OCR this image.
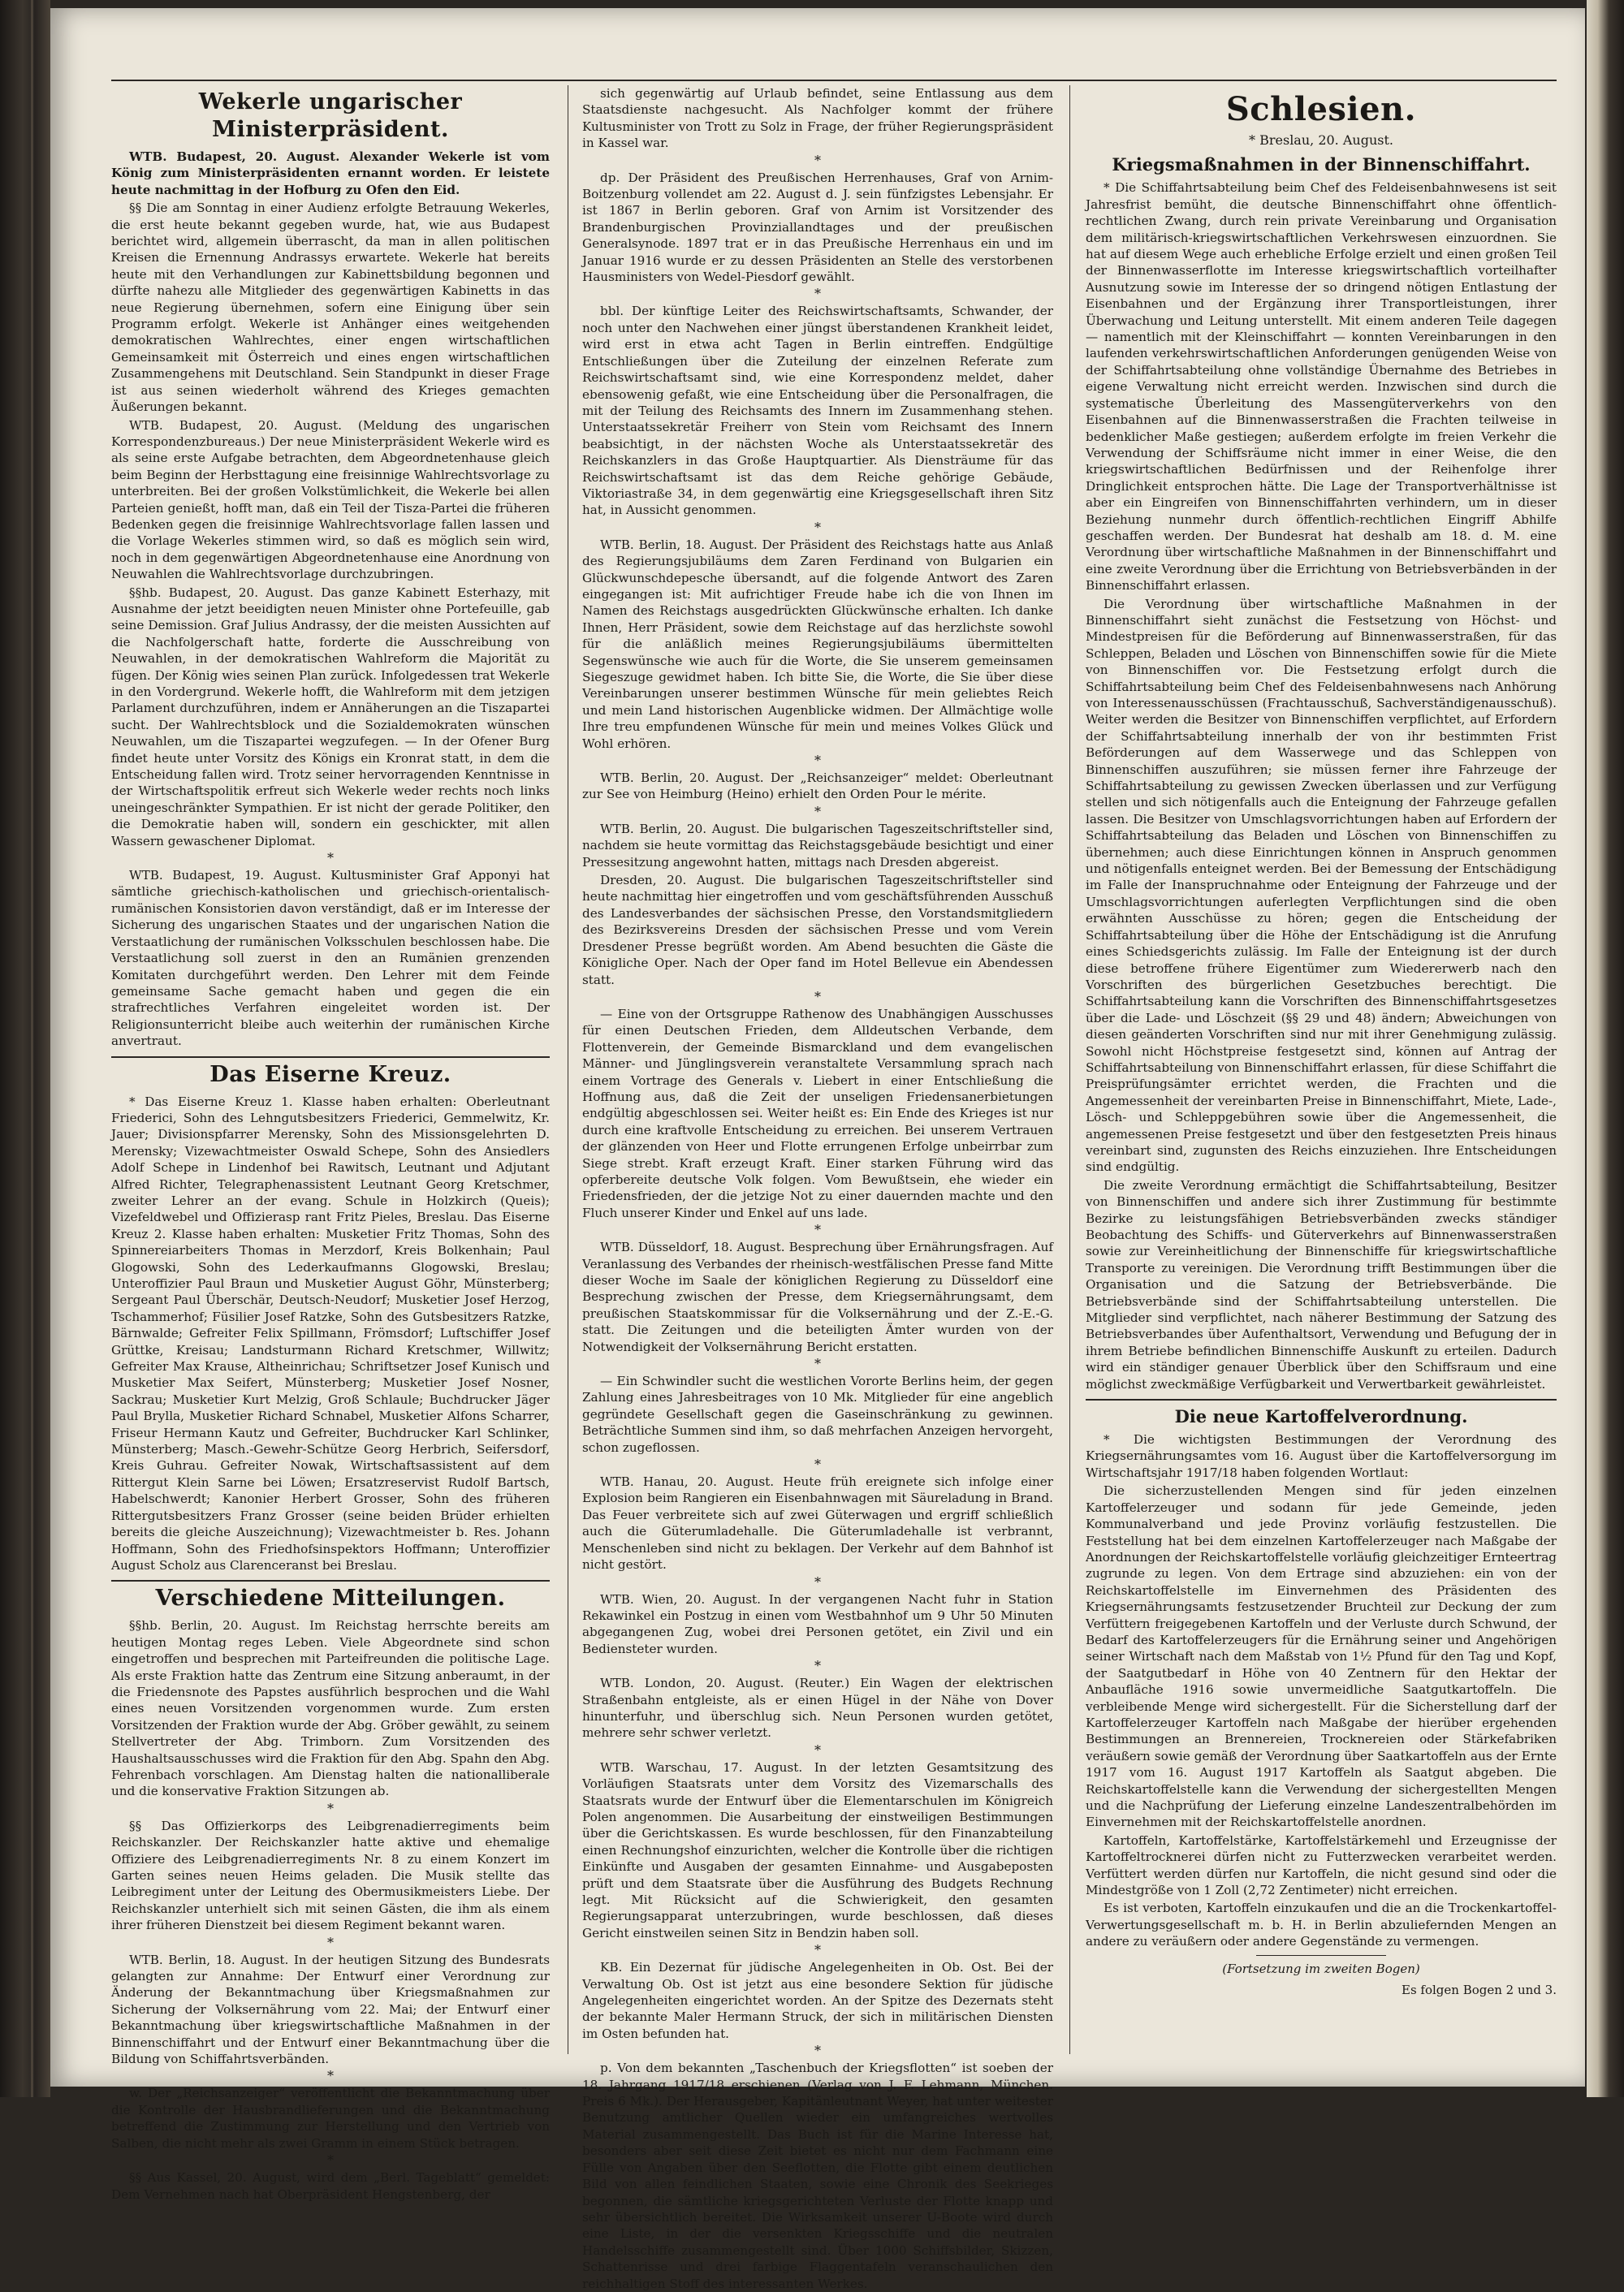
Wekerle ungarischer Ministerpräsident.

WTB. Budapest, 20. August. Alexander Wekerle ist vom König zum Ministerpräsidenten ernannt worden. Er leistete heute nachmittag in der Hofburg zu Ofen den Eid.

§§ Die am Sonntag in einer Audienz erfolgte Betrauung Wekerles, die erst heute bekannt gegeben wurde, hat, wie aus Budapest berichtet wird, allgemein überrascht, da man in allen politischen Kreisen die Ernennung Andrassys erwartete. Wekerle hat bereits heute mit den Verhandlungen zur Kabinettsbildung begonnen und dürfte nahezu alle Mitglieder des gegenwärtigen Kabinetts in das neue Regierung übernehmen, sofern eine Einigung über sein Programm erfolgt. Wekerle ist Anhänger eines weitgehenden demokratischen Wahlrechtes, einer engen wirtschaftlichen Gemeinsamkeit mit Österreich und eines engen wirtschaftlichen Zusammengehens mit Deutschland. Sein Standpunkt in dieser Frage ist aus seinen wiederholt während des Krieges gemachten Äußerungen bekannt.

WTB. Budapest, 20. August. (Meldung des ungarischen Korrespondenzbureaus.) Der neue Ministerpräsident Wekerle wird es als seine erste Aufgabe betrachten, dem Abgeordnetenhause gleich beim Beginn der Herbsttagung eine freisinnige Wahlrechtsvorlage zu unterbreiten. Bei der großen Volkstümlichkeit, die Wekerle bei allen Parteien genießt, hofft man, daß ein Teil der Tisza-Partei die früheren Bedenken gegen die freisinnige Wahlrechtsvorlage fallen lassen und die Vorlage Wekerles stimmen wird, so daß es möglich sein wird, noch in dem gegenwärtigen Abgeordnetenhause eine Anordnung von Neuwahlen die Wahlrechtsvorlage durchzubringen.

§§hb. Budapest, 20. August. Das ganze Kabinett Esterhazy, mit Ausnahme der jetzt beeidigten neuen Minister ohne Portefeuille, gab seine Demission. Graf Julius Andrassy, der die meisten Aussichten auf die Nachfolgerschaft hatte, forderte die Ausschreibung von Neuwahlen, in der demokratischen Wahlreform die Majorität zu fügen. Der König wies seinen Plan zurück. Infolgedessen trat Wekerle in den Vordergrund. Wekerle hofft, die Wahlreform mit dem jetzigen Parlament durchzuführen, indem er Annäherungen an die Tiszapartei sucht. Der Wahlrechtsblock und die Sozialdemokraten wünschen Neuwahlen, um die Tiszapartei wegzufegen. — In der Ofener Burg findet heute unter Vorsitz des Königs ein Kronrat statt, in dem die Entscheidung fallen wird. Trotz seiner hervorragenden Kenntnisse in der Wirtschaftspolitik erfreut sich Wekerle weder rechts noch links uneingeschränkter Sympathien. Er ist nicht der gerade Politiker, den die Demokratie haben will, sondern ein geschickter, mit allen Wassern gewaschener Diplomat.

*

WTB. Budapest, 19. August. Kultusminister Graf Apponyi hat sämtliche griechisch-katholischen und griechisch-orientalisch-rumänischen Konsistorien davon verständigt, daß er im Interesse der Sicherung des ungarischen Staates und der ungarischen Nation die Verstaatlichung der rumänischen Volksschulen beschlossen habe. Die Verstaatlichung soll zuerst in den an Rumänien grenzenden Komitaten durchgeführt werden. Den Lehrer mit dem Feinde gemeinsame Sache gemacht haben und gegen die ein strafrechtliches Verfahren eingeleitet worden ist. Der Religionsunterricht bleibe auch weiterhin der rumänischen Kirche anvertraut.

Das Eiserne Kreuz.

* Das Eiserne Kreuz 1. Klasse haben erhalten: Oberleutnant Friederici, Sohn des Lehngutsbesitzers Friederici, Gemmelwitz, Kr. Jauer; Divisionspfarrer Merensky, Sohn des Missionsgelehrten D. Merensky; Vizewachtmeister Oswald Schepe, Sohn des Ansiedlers Adolf Schepe in Lindenhof bei Rawitsch, Leutnant und Adjutant Alfred Richter, Telegraphenassistent Leutnant Georg Kretschmer, zweiter Lehrer an der evang. Schule in Holzkirch (Queis); Vizefeldwebel und Offizierasp rant Fritz Pieles, Breslau. Das Eiserne Kreuz 2. Klasse haben erhalten: Musketier Fritz Thomas, Sohn des Spinnereiarbeiters Thomas in Merzdorf, Kreis Bolkenhain; Paul Glogowski, Sohn des Lederkaufmanns Glogowski, Breslau; Unteroffizier Paul Braun und Musketier August Göhr, Münsterberg; Sergeant Paul Überschär, Deutsch-Neudorf; Musketier Josef Herzog, Tschammerhof; Füsilier Josef Ratzke, Sohn des Gutsbesitzers Ratzke, Bärnwalde; Gefreiter Felix Spillmann, Frömsdorf; Luftschiffer Josef Grüttke, Kreisau; Landsturmann Richard Kretschmer, Willwitz; Gefreiter Max Krause, Altheinrichau; Schriftsetzer Josef Kunisch und Musketier Max Seifert, Münsterberg; Musketier Josef Nosner, Sackrau; Musketier Kurt Melzig, Groß Schlaule; Buchdrucker Jäger Paul Brylla, Musketier Richard Schnabel, Musketier Alfons Scharrer, Friseur Hermann Kautz und Gefreiter, Buchdrucker Karl Schlinker, Münsterberg; Masch.-Gewehr-Schütze Georg Herbrich, Seifersdorf, Kreis Guhrau. Gefreiter Nowak, Wirtschaftsassistent auf dem Rittergut Klein Sarne bei Löwen; Ersatzreservist Rudolf Bartsch, Habelschwerdt; Kanonier Herbert Grosser, Sohn des früheren Rittergutsbesitzers Franz Grosser (seine beiden Brüder erhielten bereits die gleiche Auszeichnung); Vizewachtmeister b. Res. Johann Hoffmann, Sohn des Friedhofsinspektors Hoffmann; Unteroffizier August Scholz aus Clarenceranst bei Breslau.

Verschiedene Mitteilungen.

§§hb. Berlin, 20. August. Im Reichstag herrschte bereits am heutigen Montag reges Leben. Viele Abgeordnete sind schon eingetroffen und besprechen mit Parteifreunden die politische Lage. Als erste Fraktion hatte das Zentrum eine Sitzung anberaumt, in der die Friedensnote des Papstes ausführlich besprochen und die Wahl eines neuen Vorsitzenden vorgenommen wurde. Zum ersten Vorsitzenden der Fraktion wurde der Abg. Gröber gewählt, zu seinem Stellvertreter der Abg. Trimborn. Zum Vorsitzenden des Haushaltsausschusses wird die Fraktion für den Abg. Spahn den Abg. Fehrenbach vorschlagen. Am Dienstag halten die nationalliberale und die konservative Fraktion Sitzungen ab.

*

§§ Das Offizierkorps des Leibgrenadierregiments beim Reichskanzler. Der Reichskanzler hatte aktive und ehemalige Offiziere des Leibgrenadierregiments Nr. 8 zu einem Konzert im Garten seines neuen Heims geladen. Die Musik stellte das Leibregiment unter der Leitung des Obermusikmeisters Liebe. Der Reichskanzler unterhielt sich mit seinen Gästen, die ihm als einem ihrer früheren Dienstzeit bei diesem Regiment bekannt waren.

*

WTB. Berlin, 18. August. In der heutigen Sitzung des Bundesrats gelangten zur Annahme: Der Entwurf einer Verordnung zur Änderung der Bekanntmachung über Kriegsmaßnahmen zur Sicherung der Volksernährung vom 22. Mai; der Entwurf einer Bekanntmachung über kriegswirtschaftliche Maßnahmen in der Binnenschiffahrt und der Entwurf einer Bekanntmachung über die Bildung von Schiffahrtsverbänden.

*

w. Der „Reichsanzeiger“ veröffentlicht die Bekanntmachung über die Kontrolle der Hausbrandlieferungen und die Bekanntmachung betreffend die Zustimmung zur Herstellung und den Vertrieb von Salben, die nicht mehr als zwei Gramm in einem Stück betragen.

*

§§ Aus Kassel, 20. August, wird dem „Berl. Tageblatt“ gemeldet: Dem Vernehmen nach hat Oberpräsident Hengstenberg, der

sich gegenwärtig auf Urlaub befindet, seine Entlassung aus dem Staatsdienste nachgesucht. Als Nachfolger kommt der frühere Kultusminister von Trott zu Solz in Frage, der früher Regierungspräsident in Kassel war.

*

dp. Der Präsident des Preußischen Herrenhauses, Graf von Arnim-Boitzenburg vollendet am 22. August d. J. sein fünfzigstes Lebensjahr. Er ist 1867 in Berlin geboren. Graf von Arnim ist Vorsitzender des Brandenburgischen Provinziallandtages und der preußischen Generalsynode. 1897 trat er in das Preußische Herrenhaus ein und im Januar 1916 wurde er zu dessen Präsidenten an Stelle des verstorbenen Hausministers von Wedel-Piesdorf gewählt.

*

bbl. Der künftige Leiter des Reichswirtschaftsamts, Schwander, der noch unter den Nachwehen einer jüngst überstandenen Krankheit leidet, wird erst in etwa acht Tagen in Berlin eintreffen. Endgültige Entschließungen über die Zuteilung der einzelnen Referate zum Reichswirtschaftsamt sind, wie eine Korrespondenz meldet, daher ebensowenig gefaßt, wie eine Entscheidung über die Personalfragen, die mit der Teilung des Reichsamts des Innern im Zusammenhang stehen. Unterstaatssekretär Freiherr von Stein vom Reichsamt des Innern beabsichtigt, in der nächsten Woche als Unterstaatssekretär des Reichskanzlers in das Große Hauptquartier. Als Diensträume für das Reichswirtschaftsamt ist das dem Reiche gehörige Gebäude, Viktoriastraße 34, in dem gegenwärtig eine Kriegsgesellschaft ihren Sitz hat, in Aussicht genommen.

*

WTB. Berlin, 18. August. Der Präsident des Reichstags hatte aus Anlaß des Regierungsjubiläums dem Zaren Ferdinand von Bulgarien ein Glückwunschdepesche übersandt, auf die folgende Antwort des Zaren eingegangen ist: Mit aufrichtiger Freude habe ich die von Ihnen im Namen des Reichstags ausgedrückten Glückwünsche erhalten. Ich danke Ihnen, Herr Präsident, sowie dem Reichstage auf das herzlichste sowohl für die anläßlich meines Regierungsjubiläums übermittelten Segenswünsche wie auch für die Worte, die Sie unserem gemeinsamen Siegeszuge gewidmet haben. Ich bitte Sie, die Worte, die Sie über diese Vereinbarungen unserer bestimmen Wünsche für mein geliebtes Reich und mein Land historischen Augenblicke widmen. Der Allmächtige wolle Ihre treu empfundenen Wünsche für mein und meines Volkes Glück und Wohl erhören.

*

WTB. Berlin, 20. August. Der „Reichsanzeiger“ meldet: Oberleutnant zur See von Heimburg (Heino) erhielt den Orden Pour le mérite.

*

WTB. Berlin, 20. August. Die bulgarischen Tageszeitschriftsteller sind, nachdem sie heute vormittag das Reichstagsgebäude besichtigt und einer Pressesitzung angewohnt hatten, mittags nach Dresden abgereist.

Dresden, 20. August. Die bulgarischen Tageszeitschriftsteller sind heute nachmittag hier eingetroffen und vom geschäftsführenden Ausschuß des Landesverbandes der sächsischen Presse, den Vorstandsmitgliedern des Bezirksvereins Dresden der sächsischen Presse und vom Verein Dresdener Presse begrüßt worden. Am Abend besuchten die Gäste die Königliche Oper. Nach der Oper fand im Hotel Bellevue ein Abendessen statt.

*

— Eine von der Ortsgruppe Rathenow des Unabhängigen Ausschusses für einen Deutschen Frieden, dem Alldeutschen Verbande, dem Flottenverein, der Gemeinde Bismarckland und dem evangelischen Männer- und Jünglingsverein veranstaltete Versammlung sprach nach einem Vortrage des Generals v. Liebert in einer Entschließung die Hoffnung aus, daß die Zeit der unseligen Friedensanerbietungen endgültig abgeschlossen sei. Weiter heißt es: Ein Ende des Krieges ist nur durch eine kraftvolle Entscheidung zu erreichen. Bei unserem Vertrauen der glänzenden von Heer und Flotte errungenen Erfolge unbeirrbar zum Siege strebt. Kraft erzeugt Kraft. Einer starken Führung wird das opferbereite deutsche Volk folgen. Vom Bewußtsein, ehe wieder ein Friedensfrieden, der die jetzige Not zu einer dauernden machte und den Fluch unserer Kinder und Enkel auf uns lade.

*

WTB. Düsseldorf, 18. August. Besprechung über Ernährungsfragen. Auf Veranlassung des Verbandes der rheinisch-westfälischen Presse fand Mitte dieser Woche im Saale der königlichen Regierung zu Düsseldorf eine Besprechung zwischen der Presse, dem Kriegsernährungsamt, dem preußischen Staatskommissar für die Volksernährung und der Z.-E.-G. statt. Die Zeitungen und die beteiligten Ämter wurden von der Notwendigkeit der Volksernährung Bericht erstatten.

*

— Ein Schwindler sucht die westlichen Vororte Berlins heim, der gegen Zahlung eines Jahresbeitrages von 10 Mk. Mitglieder für eine angeblich gegründete Gesellschaft gegen die Gaseinschränkung zu gewinnen. Beträchtliche Summen sind ihm, so daß mehrfachen Anzeigen hervorgeht, schon zugeflossen.

*

WTB. Hanau, 20. August. Heute früh ereignete sich infolge einer Explosion beim Rangieren ein Eisenbahnwagen mit Säureladung in Brand. Das Feuer verbreitete sich auf zwei Güterwagen und ergriff schließlich auch die Güterumladehalle. Die Güterumladehalle ist verbrannt, Menschenleben sind nicht zu beklagen. Der Verkehr auf dem Bahnhof ist nicht gestört.

*

WTB. Wien, 20. August. In der vergangenen Nacht fuhr in Station Rekawinkel ein Postzug in einen vom Westbahnhof um 9 Uhr 50 Minuten abgegangenen Zug, wobei drei Personen getötet, ein Zivil und ein Bediensteter wurden.

*

WTB. London, 20. August. (Reuter.) Ein Wagen der elektrischen Straßenbahn entgleiste, als er einen Hügel in der Nähe von Dover hinunterfuhr, und überschlug sich. Neun Personen wurden getötet, mehrere sehr schwer verletzt.

*

WTB. Warschau, 17. August. In der letzten Gesamtsitzung des Vorläufigen Staatsrats unter dem Vorsitz des Vizemarschalls des Staatsrats wurde der Entwurf über die Elementarschulen im Königreich Polen angenommen. Die Ausarbeitung der einstweiligen Bestimmungen über die Gerichtskassen. Es wurde beschlossen, für den Finanzabteilung einen Rechnungshof einzurichten, welcher die Kontrolle über die richtigen Einkünfte und Ausgaben der gesamten Einnahme- und Ausgabeposten prüft und dem Staatsrate über die Ausführung des Budgets Rechnung legt. Mit Rücksicht auf die Schwierigkeit, den gesamten Regierungsapparat unterzubringen, wurde beschlossen, daß dieses Gericht einstweilen seinen Sitz in Bendzin haben soll.

*

KB. Ein Dezernat für jüdische Angelegenheiten in Ob. Ost. Bei der Verwaltung Ob. Ost ist jetzt aus eine besondere Sektion für jüdische Angelegenheiten eingerichtet worden. An der Spitze des Dezernats steht der bekannte Maler Hermann Struck, der sich in militärischen Diensten im Osten befunden hat.

*

p. Von dem bekannten „Taschenbuch der Kriegsflotten“ ist soeben der 18. Jahrgang 1917/18 erschienen (Verlag von J. F. Lehmann, München. Preis 6 Mk.). Der Herausgeber, Kapitänleutnant Weyer, hat unter weitester Benutzung amtlicher Quellen wieder ein umfangreiches wertvolles Material zusammengestellt. Das Buch ist für die Marine Interesse hat, besonders aber seit diese Zeit bietet es nicht nur dem Fachmann eine Fülle von Angaben über den Seeflotten, die Flotte gibt einem deutlichen Bild von allen feindlichen Staaten, sowie eine Chronik des Seekrieges begonnen, die sämtliche kriegsgerichteten Verluste der Flotte knapp und sehr übersichtlich bereitet. Die Wirksamkeit unserer U-Boote wird durch eine Liste, in der die versenkten Kriegsschiffe und die neutralen Handelsschiffe zusammengestellt sind. Über 1000 Schiffsbilder, Skizzen, Schattenrisse und drei farbige Flaggentafeln veranschaulichen den reichhaltigen Stoff des interessanten Werkes.

Schlesien.
* Breslau, 20. August.
Kriegsmaßnahmen in der Binnenschiffahrt.

* Die Schiffahrtsabteilung beim Chef des Feldeisenbahnwesens ist seit Jahresfrist bemüht, die deutsche Binnenschiffahrt ohne öffentlich-rechtlichen Zwang, durch rein private Vereinbarung und Organisation dem militärisch-kriegswirtschaftlichen Verkehrswesen einzuordnen. Sie hat auf diesem Wege auch erhebliche Erfolge erzielt und einen großen Teil der Binnenwasserflotte im Interesse kriegswirtschaftlich vorteilhafter Ausnutzung sowie im Interesse der so dringend nötigen Entlastung der Eisenbahnen und der Ergänzung ihrer Transportleistungen, ihrer Überwachung und Leitung unterstellt. Mit einem anderen Teile dagegen — namentlich mit der Kleinschiffahrt — konnten Vereinbarungen in den laufenden verkehrswirtschaftlichen Anforderungen genügenden Weise von der Schiffahrtsabteilung ohne vollständige Übernahme des Betriebes in eigene Verwaltung nicht erreicht werden. Inzwischen sind durch die systematische Überleitung des Massengüterverkehrs von den Eisenbahnen auf die Binnenwasserstraßen die Frachten teilweise in bedenklicher Maße gestiegen; außerdem erfolgte im freien Verkehr die Verwendung der Schiffsräume nicht immer in einer Weise, die den kriegswirtschaftlichen Bedürfnissen und der Reihenfolge ihrer Dringlichkeit entsprochen hätte. Die Lage der Transportverhältnisse ist aber ein Eingreifen von Binnenschiffahrten verhindern, um in dieser Beziehung nunmehr durch öffentlich-rechtlichen Eingriff Abhilfe geschaffen werden. Der Bundesrat hat deshalb am 18. d. M. eine Verordnung über wirtschaftliche Maßnahmen in der Binnenschiffahrt und eine zweite Verordnung über die Errichtung von Betriebsverbänden in der Binnenschiffahrt erlassen.

Die Verordnung über wirtschaftliche Maßnahmen in der Binnenschiffahrt sieht zunächst die Festsetzung von Höchst- und Mindestpreisen für die Beförderung auf Binnenwasserstraßen, für das Schleppen, Beladen und Löschen von Binnenschiffen sowie für die Miete von Binnenschiffen vor. Die Festsetzung erfolgt durch die Schiffahrtsabteilung beim Chef des Feldeisenbahnwesens nach Anhörung von Interessenausschüssen (Frachtausschuß, Sachverständigenausschuß). Weiter werden die Besitzer von Binnenschiffen verpflichtet, auf Erfordern der Schiffahrtsabteilung innerhalb der von ihr bestimmten Frist Beförderungen auf dem Wasserwege und das Schleppen von Binnenschiffen auszuführen; sie müssen ferner ihre Fahrzeuge der Schiffahrtsabteilung zu gewissen Zwecken überlassen und zur Verfügung stellen und sich nötigenfalls auch die Enteignung der Fahrzeuge gefallen lassen. Die Besitzer von Umschlagsvorrichtungen haben auf Erfordern der Schiffahrtsabteilung das Beladen und Löschen von Binnenschiffen zu übernehmen; auch diese Einrichtungen können in Anspruch genommen und nötigenfalls enteignet werden. Bei der Bemessung der Entschädigung im Falle der Inanspruchnahme oder Enteignung der Fahrzeuge und der Umschlagsvorrichtungen auferlegten Verpflichtungen sind die oben erwähnten Ausschüsse zu hören; gegen die Entscheidung der Schiffahrtsabteilung über die Höhe der Entschädigung ist die Anrufung eines Schiedsgerichts zulässig. Im Falle der Enteignung ist der durch diese betroffene frühere Eigentümer zum Wiedererwerb nach den Vorschriften des bürgerlichen Gesetzbuches berechtigt. Die Schiffahrtsabteilung kann die Vorschriften des Binnenschiffahrtsgesetzes über die Lade- und Löschzeit (§§ 29 und 48) ändern; Abweichungen von diesen geänderten Vorschriften sind nur mit ihrer Genehmigung zulässig. Sowohl nicht Höchstpreise festgesetzt sind, können auf Antrag der Schiffahrtsabteilung von Binnenschiffahrt erlassen, für diese Schiffahrt die Preisprüfungsämter errichtet werden, die Frachten und die Angemessenheit der vereinbarten Preise in Binnenschiffahrt, Miete, Lade-, Lösch- und Schleppgebühren sowie über die Angemessenheit, die angemessenen Preise festgesetzt und über den festgesetzten Preis hinaus vereinbart sind, zugunsten des Reichs einzuziehen. Ihre Entscheidungen sind endgültig.

Die zweite Verordnung ermächtigt die Schiffahrtsabteilung, Besitzer von Binnenschiffen und andere sich ihrer Zustimmung für bestimmte Bezirke zu leistungsfähigen Betriebsverbänden zwecks ständiger Beobachtung des Schiffs- und Güterverkehrs auf Binnenwasserstraßen sowie zur Vereinheitlichung der Binnenschiffe für kriegswirtschaftliche Transporte zu vereinigen. Die Verordnung trifft Bestimmungen über die Organisation und die Satzung der Betriebsverbände. Die Betriebsverbände sind der Schiffahrtsabteilung unterstellen. Die Mitglieder sind verpflichtet, nach näherer Bestimmung der Satzung des Betriebsverbandes über Aufenthaltsort, Verwendung und Befugung der in ihrem Betriebe befindlichen Binnenschiffe Auskunft zu erteilen. Dadurch wird ein ständiger genauer Überblick über den Schiffsraum und eine möglichst zweckmäßige Verfügbarkeit und Verwertbarkeit gewährleistet.

Die neue Kartoffelverordnung.

* Die wichtigsten Bestimmungen der Verordnung des Kriegsernährungsamtes vom 16. August über die Kartoffelversorgung im Wirtschaftsjahr 1917/18 haben folgenden Wortlaut:

Die sicherzustellenden Mengen sind für jeden einzelnen Kartoffelerzeuger und sodann für jede Gemeinde, jeden Kommunalverband und jede Provinz vorläufig festzustellen. Die Feststellung hat bei dem einzelnen Kartoffelerzeuger nach Maßgabe der Anordnungen der Reichskartoffelstelle vorläufig gleichzeitiger Ernteertrag zugrunde zu legen. Von dem Ertrage sind abzuziehen: ein von der Reichskartoffelstelle im Einvernehmen des Präsidenten des Kriegsernährungsamts festzusetzender Bruchteil zur Deckung der zum Verfüttern freigegebenen Kartoffeln und der Verluste durch Schwund, der Bedarf des Kartoffelerzeugers für die Ernährung seiner und Angehörigen seiner Wirtschaft nach dem Maßstab von 1½ Pfund für den Tag und Kopf, der Saatgutbedarf in Höhe von 40 Zentnern für den Hektar der Anbaufläche 1916 sowie unvermeidliche Saatgutkartoffeln. Die verbleibende Menge wird sichergestellt. Für die Sicherstellung darf der Kartoffelerzeuger Kartoffeln nach Maßgabe der hierüber ergehenden Bestimmungen an Brennereien, Trocknereien oder Stärkefabriken veräußern sowie gemäß der Verordnung über Saatkartoffeln aus der Ernte 1917 vom 16. August 1917 Kartoffeln als Saatgut abgeben. Die Reichskartoffelstelle kann die Verwendung der sichergestellten Mengen und die Nachprüfung der Lieferung einzelne Landeszentralbehörden im Einvernehmen mit der Reichskartoffelstelle anordnen.

Kartoffeln, Kartoffelstärke, Kartoffelstärkemehl und Erzeugnisse der Kartoffeltrocknerei dürfen nicht zu Futterzwecken verarbeitet werden. Verfüttert werden dürfen nur Kartoffeln, die nicht gesund sind oder die Mindestgröße von 1 Zoll (2,72 Zentimeter) nicht erreichen.

Es ist verboten, Kartoffeln einzukaufen und die an die Trockenkartoffel-Verwertungsgesellschaft m. b. H. in Berlin abzuliefernden Mengen an andere zu veräußern oder andere Gegenstände zu vermengen.

(Fortsetzung im zweiten Bogen)
Es folgen Bogen 2 und 3.
